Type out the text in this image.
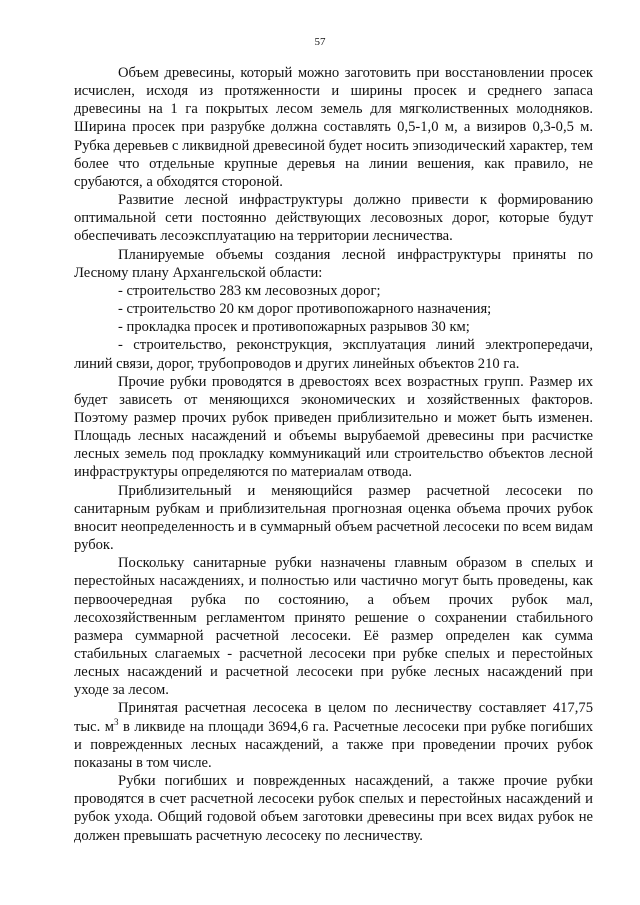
57

Объем древесины, который можно заготовить при восстановлении просек исчислен, исходя из протяженности и ширины просек и среднего запаса древесины на 1 га покрытых лесом земель для мягколиственных молодняков. Ширина просек при разрубке должна составлять 0,5-1,0 м, а визиров 0,3-0,5 м. Рубка деревьев с ликвидной древесиной будет носить эпизодический характер, тем более что отдельные крупные деревья на линии вешения, как правило, не срубаются, а обходятся стороной.

Развитие лесной инфраструктуры должно привести к формированию оптимальной сети постоянно действующих лесовозных дорог, которые будут обеспечивать лесоэксплуатацию на территории лесничества.

Планируемые объемы создания лесной инфраструктуры приняты по Лесному плану Архангельской области:

- строительство 283 км лесовозных дорог;

- строительство 20 км дорог противопожарного назначения;

- прокладка просек и противопожарных разрывов 30 км;

- строительство, реконструкция, эксплуатация линий электропередачи, линий связи, дорог, трубопроводов и других линейных объектов 210 га.

Прочие рубки проводятся в древостоях всех возрастных групп. Размер их будет зависеть от меняющихся экономических и хозяйственных факторов. Поэтому размер прочих рубок приведен приблизительно и может быть изменен. Площадь лесных насаждений и объемы вырубаемой древесины при расчистке лесных земель под прокладку коммуникаций или строительство объектов лесной инфраструктуры определяются по материалам отвода.

Приблизительный и меняющийся размер расчетной лесосеки по санитарным рубкам и приблизительная прогнозная оценка объема прочих рубок вносит неопределенность и в суммарный объем расчетной лесосеки по всем видам рубок.

Поскольку санитарные рубки назначены главным образом в спелых и перестойных насаждениях, и полностью или частично могут быть проведены, как первоочередная рубка по состоянию, а объем прочих рубок мал, лесохозяйственным регламентом принято решение о сохранении стабильного размера суммарной расчетной лесосеки. Её размер определен как сумма стабильных слагаемых - расчетной лесосеки при рубке спелых и перестойных лесных насаждений и расчетной лесосеки при рубке лесных насаждений при уходе за лесом.

Принятая расчетная лесосека в целом по лесничеству составляет 417,75 тыс. $м^3$ в ликвиде на площади 3694,6 га. Расчетные лесосеки при рубке погибших и поврежденных лесных насаждений, а также при проведении прочих рубок показаны в том числе.

Рубки погибших и поврежденных насаждений, а также прочие рубки проводятся в счет расчетной лесосеки рубок спелых и перестойных насаждений и рубок ухода. Общий годовой объем заготовки древесины при всех видах рубок не должен превышать расчетную лесосеку по лесничеству.
